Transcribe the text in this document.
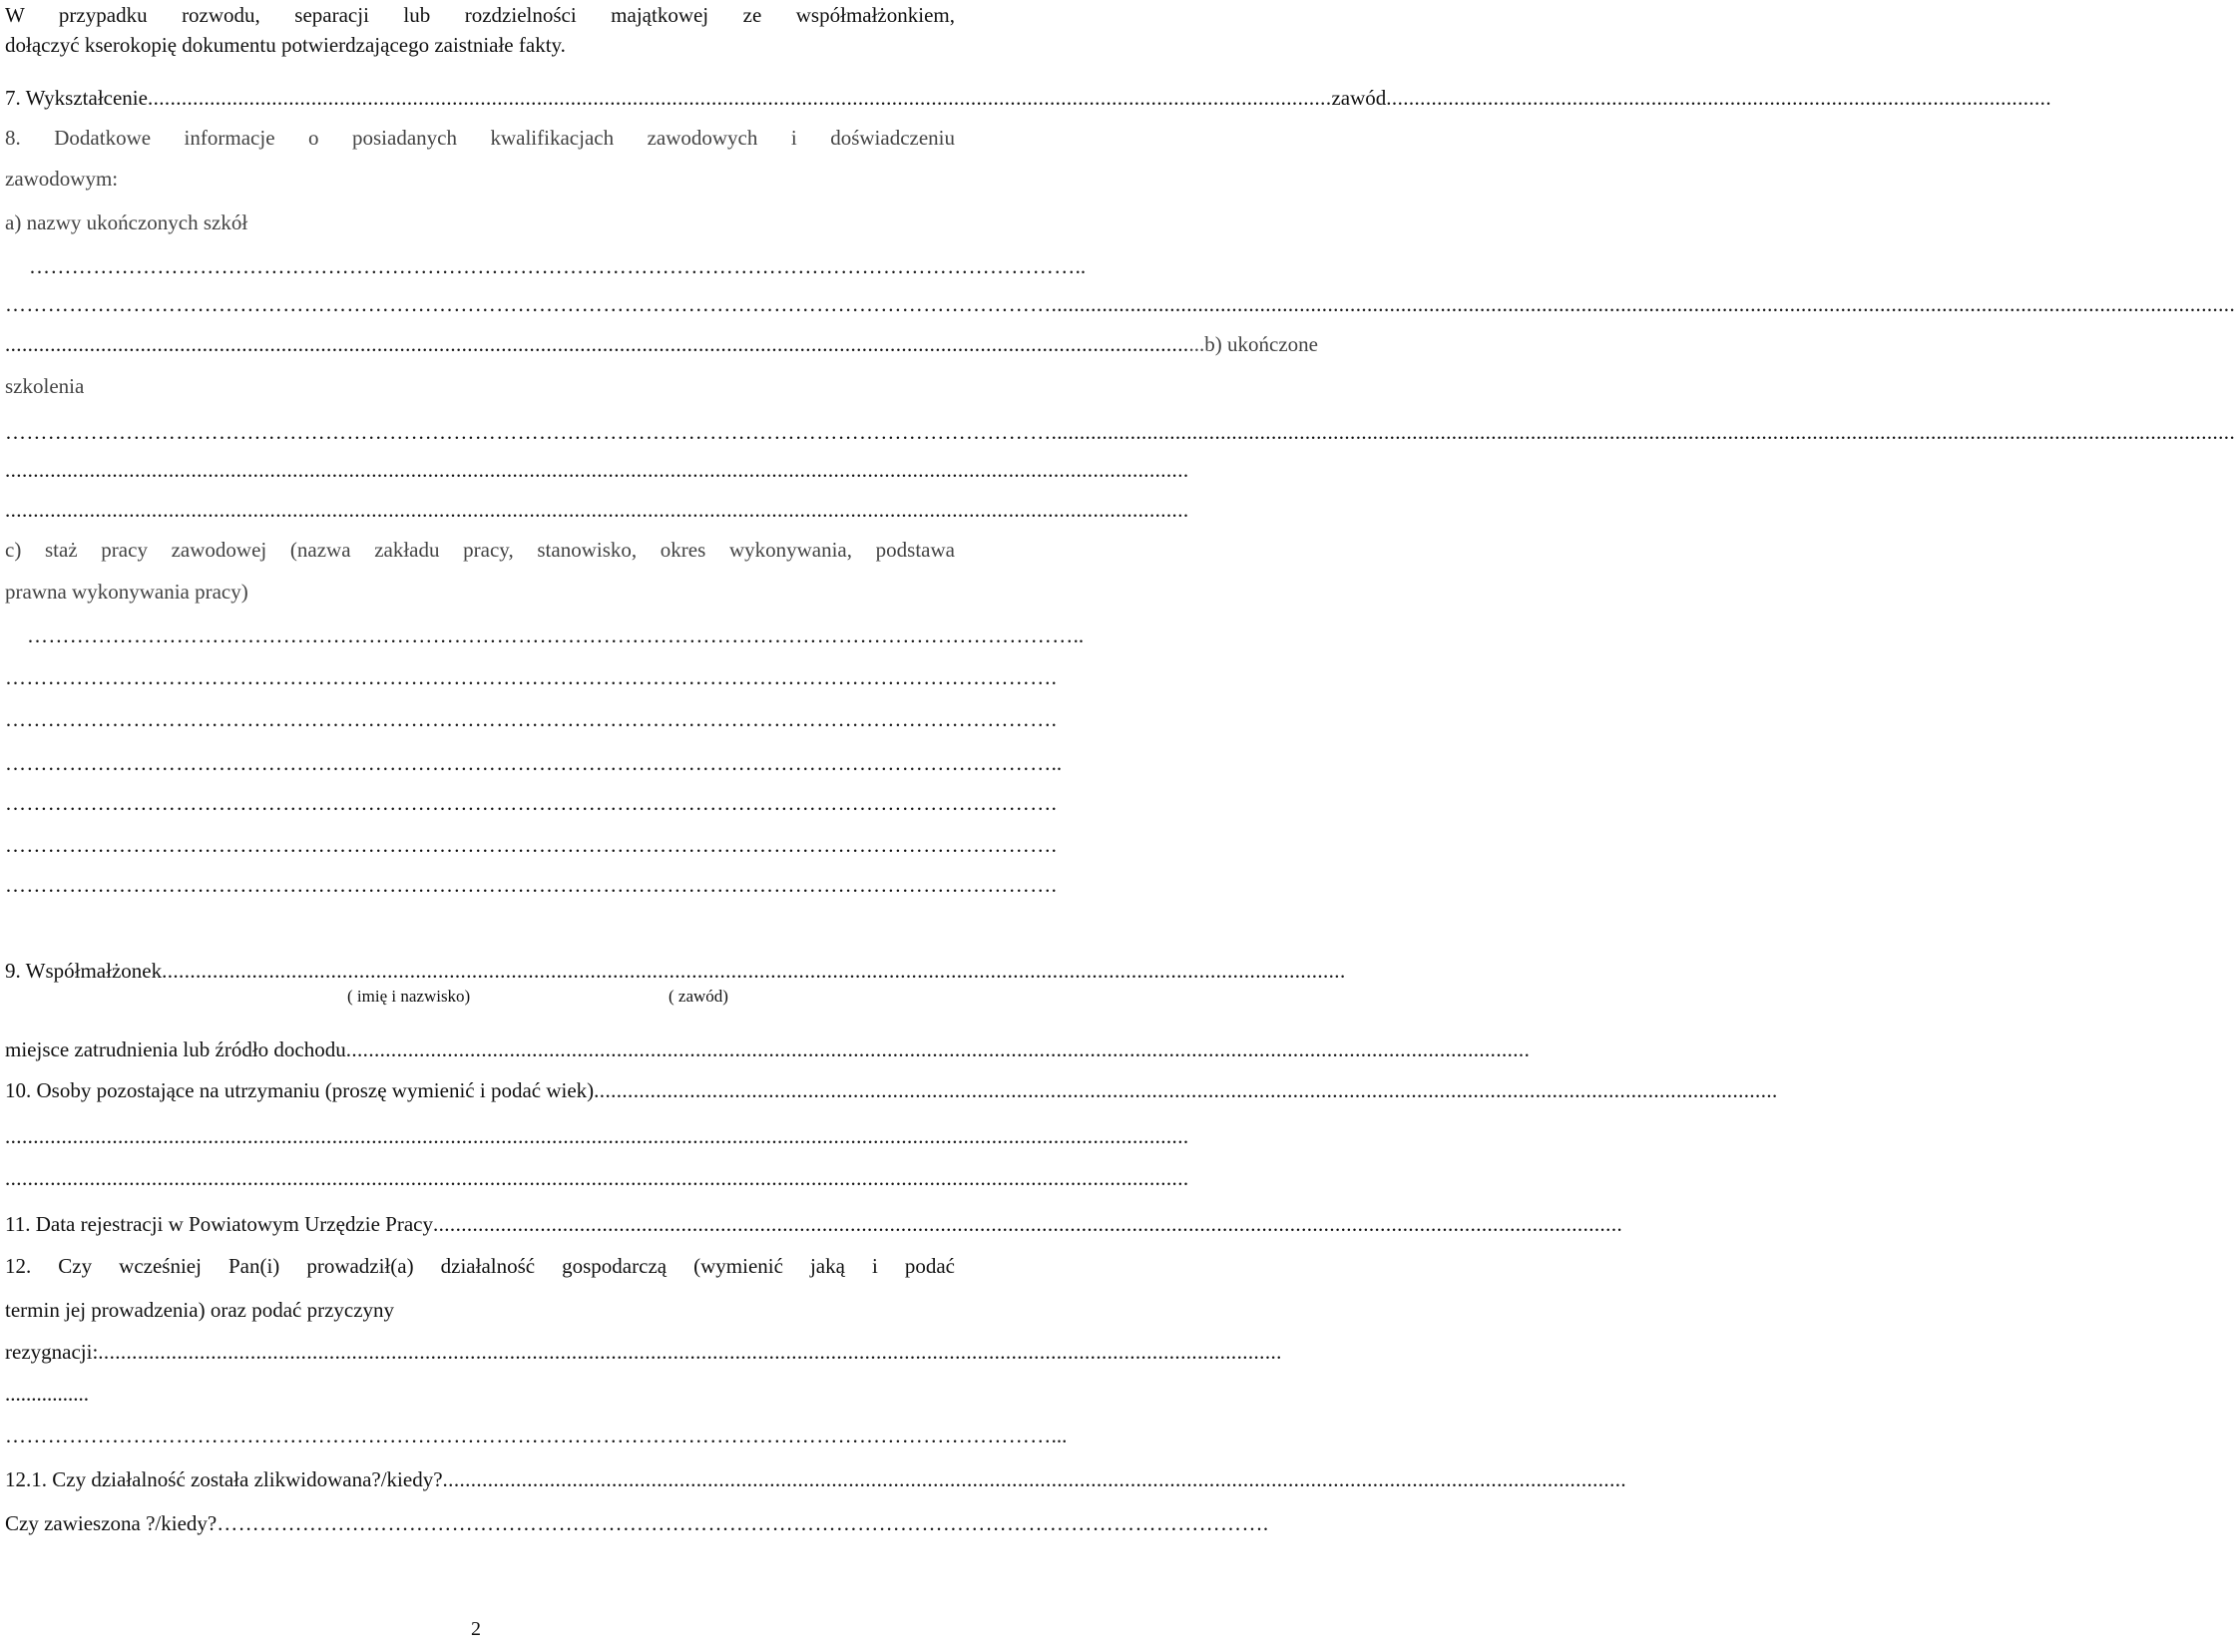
W przypadku rozwodu, separacji lub rozdzielności majątkowej ze współmałżonkiem,
dołączyć kserokopię dokumentu potwierdzającego zaistniałe fakty.
7. Wykształcenie .................................................................................................................................................................................................................. zawód ......................................................................................................................
8. Dodatkowe informacje o posiadanych kwalifikacjach zawodowych i doświadczeniu
zawodowym:
a) nazwy ukończonych szkół
………………………………………………………………………………………………………………………………… ..
………………………………………………………………………………………………………………………………… ..................................................................................................................................................................................................................
.................................................................................................................................................................................................................. ...b) ukończone
szkolenia
………………………………………………………………………………………………………………………………… ..................................................................................................................................................................................................................
..................................................................................................................................................................................................................
..................................................................................................................................................................................................................
c) staż pracy zawodowej (nazwa zakładu pracy, stanowisko, okres wykonywania, podstawa
prawna wykonywania pracy)
………………………………………………………………………………………………………………………………… ..
………………………………………………………………………………………………………………………………… .
………………………………………………………………………………………………………………………………… .
………………………………………………………………………………………………………………………………… ..
………………………………………………………………………………………………………………………………… .
………………………………………………………………………………………………………………………………… .
………………………………………………………………………………………………………………………………… .
9. Współmałżonek ..................................................................................................................................................................................................................
( imię i nazwisko)	( zawód)
miejsce zatrudnienia lub źródło dochodu ..................................................................................................................................................................................................................
10. Osoby pozostające na utrzymaniu (proszę wymienić i podać wiek) ..................................................................................................................................................................................................................
..................................................................................................................................................................................................................
..................................................................................................................................................................................................................
11. Data rejestracji w Powiatowym Urzędzie Pracy .................................................................................................................................................................................................................. .
12. Czy wcześniej Pan(i) prowadził(a) działalność gospodarczą (wymienić jaką i podać
termin jej prowadzenia) oraz podać przyczyny
rezygnacji: ..................................................................................................................................................................................................................
................
………………………………………………………………………………………………………………………………… ...
12.1. Czy działalność została zlikwidowana?/kiedy? ..................................................................................................................................................................................................................
Czy zawieszona ?/kiedy? ………………………………………………………………………………………………………………………………… .
2
